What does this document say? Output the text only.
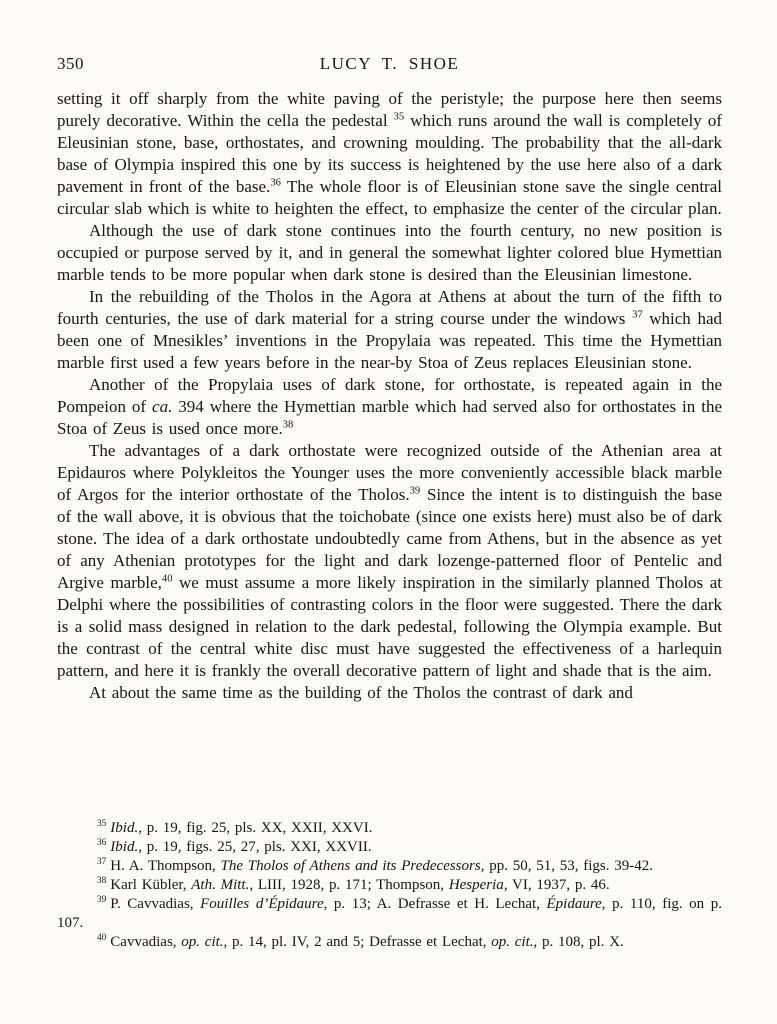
350	LUCY T. SHOE

setting it off sharply from the white paving of the peristyle; the purpose here then seems purely decorative. Within the cella the pedestal $^{35}$ which runs around the wall is completely of Eleusinian stone, base, orthostates, and crowning moulding. The probability that the all-dark base of Olympia inspired this one by its success is heightened by the use here also of a dark pavement in front of the base.$^{36}$ The whole floor is of Eleusinian stone save the single central circular slab which is white to heighten the effect, to emphasize the center of the circular plan.

Although the use of dark stone continues into the fourth century, no new position is occupied or purpose served by it, and in general the somewhat lighter colored blue Hymettian marble tends to be more popular when dark stone is desired than the Eleusinian limestone.

In the rebuilding of the Tholos in the Agora at Athens at about the turn of the fifth to fourth centuries, the use of dark material for a string course under the windows $^{37}$ which had been one of Mnesikles’ inventions in the Propylaia was repeated. This time the Hymettian marble first used a few years before in the near-by Stoa of Zeus replaces Eleusinian stone.

Another of the Propylaia uses of dark stone, for orthostate, is repeated again in the Pompeion of ca. 394 where the Hymettian marble which had served also for orthostates in the Stoa of Zeus is used once more.$^{38}$

The advantages of a dark orthostate were recognized outside of the Athenian area at Epidauros where Polykleitos the Younger uses the more conveniently accessible black marble of Argos for the interior orthostate of the Tholos.$^{39}$ Since the intent is to distinguish the base of the wall above, it is obvious that the toichobate (since one exists here) must also be of dark stone. The idea of a dark orthostate undoubtedly came from Athens, but in the absence as yet of any Athenian prototypes for the light and dark lozenge-patterned floor of Pentelic and Argive marble,$^{40}$ we must assume a more likely inspiration in the similarly planned Tholos at Delphi where the possibilities of contrasting colors in the floor were suggested. There the dark is a solid mass designed in relation to the dark pedestal, following the Olympia example. But the contrast of the central white disc must have suggested the effectiveness of a harlequin pattern, and here it is frankly the overall decorative pattern of light and shade that is the aim.

At about the same time as the building of the Tholos the contrast of dark and

$^{35}$ Ibid., p. 19, fig. 25, pls. XX, XXII, XXVI.

$^{36}$ Ibid., p. 19, figs. 25, 27, pls. XXI, XXVII.

$^{37}$ H. A. Thompson, The Tholos of Athens and its Predecessors, pp. 50, 51, 53, figs. 39-42.

$^{38}$ Karl Kübler, Ath. Mitt., LIII, 1928, p. 171; Thompson, Hesperia, VI, 1937, p. 46.

$^{39}$ P. Cavvadias, Fouilles d’Épidaure, p. 13; A. Defrasse et H. Lechat, Épidaure, p. 110, fig. on p. 107.

$^{40}$ Cavvadias, op. cit., p. 14, pl. IV, 2 and 5; Defrasse et Lechat, op. cit., p. 108, pl. X.
